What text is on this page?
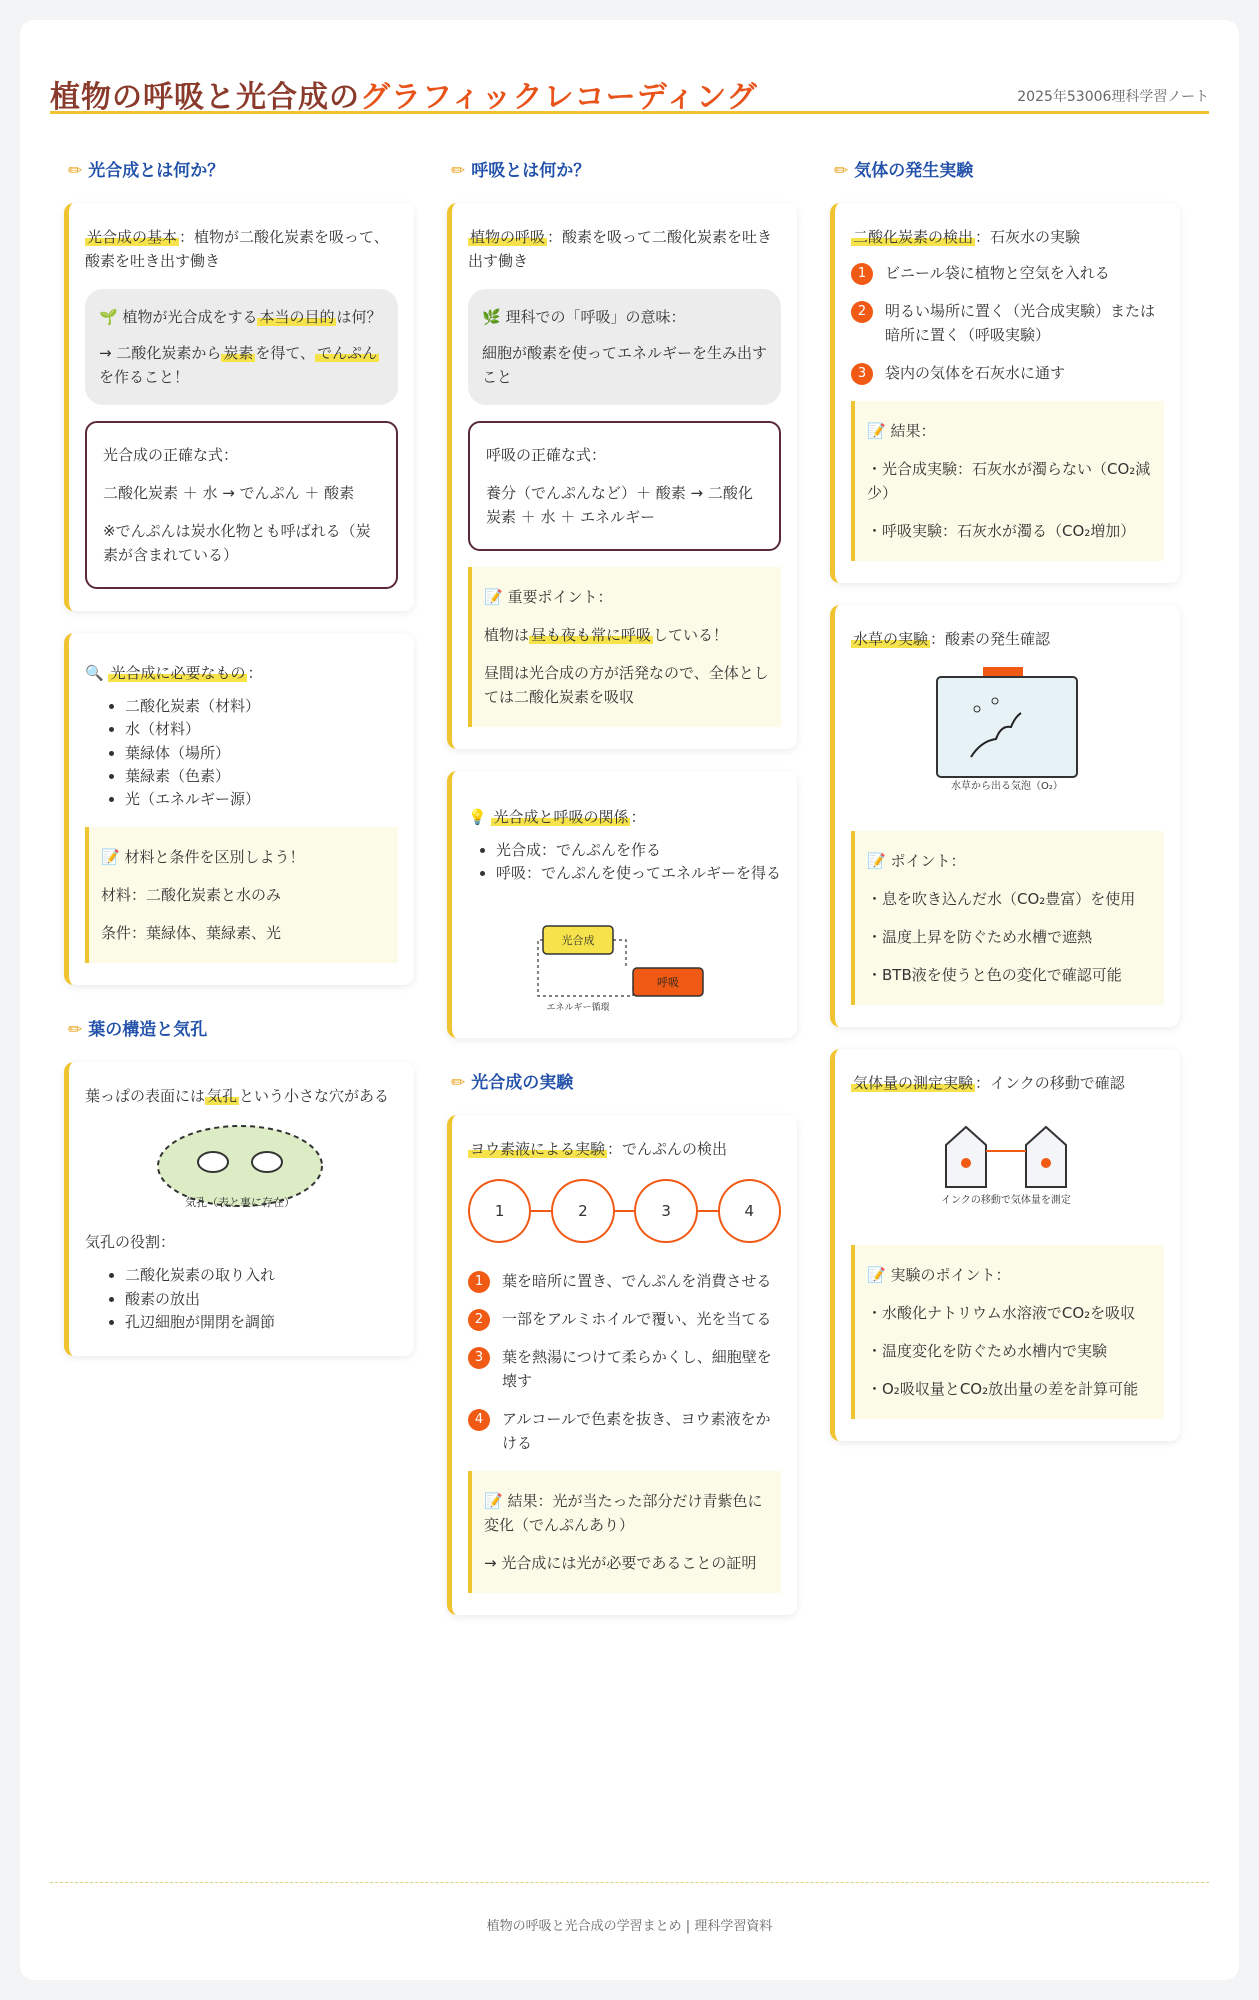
植物の呼吸と光合成のグラフィックレコーディング	2025年53006理科学習ノート
✏ 光合成とは何か？

光合成の基本 ：植物が二酸化炭素を吸って、酸素を吐き出す働き

🌱 植物が光合成をする 本当の目的 は何？

→ 二酸化炭素から 炭素 を得て、 でんぷんを作ること！

光合成の正確な式：

二酸化炭素 ＋ 水 → でんぷん ＋ 酸素

※でんぷんは炭水化物とも呼ばれる（炭素が含まれている）

🔍 光合成に必要なもの ：

• 二酸化炭素（材料）
• 水（材料）
• 葉緑体（場所）
• 葉緑素（色素）
• 光（エネルギー源）

📝 材料と条件を区別しよう！

材料：二酸化炭素と水のみ

条件：葉緑体、葉緑素、光

✏ 葉の構造と気孔

葉っぱの表面には 気孔 という小さな穴がある

気孔（表と裏に存在）

気孔の役割：

• 二酸化炭素の取り入れ
• 酸素の放出
• 孔辺細胞が開閉を調節
✏ 呼吸とは何か？

植物の呼吸 ：酸素を吸って二酸化炭素を吐き出す働き

🌿 理科での「呼吸」の意味：

細胞が酸素を使ってエネルギーを生み出すこと

呼吸の正確な式：

養分（でんぷんなど）＋ 酸素 → 二酸化炭素 ＋ 水 ＋ エネルギー

📝 重要ポイント：

植物は 昼も夜も常に呼吸 している！

昼間は光合成の方が活発なので、全体としては二酸化炭素を吸収

💡 光合成と呼吸の関係 ：

• 光合成：でんぷんを作る
• 呼吸：でんぷんを使ってエネルギーを得る
光合成
呼吸
エネルギー循環
✏ 光合成の実験

ヨウ素液による実験 ：でんぷんの検出

1	2	3	4
1	葉を暗所に置き、でんぷんを消費させる
2	一部をアルミホイルで覆い、光を当てる
3	葉を熱湯につけて柔らかくし、細胞壁を壊す
4	アルコールで色素を抜き、ヨウ素液をかける

📝 結果：光が当たった部分だけ青紫色に変化（でんぷんあり）

→ 光合成には光が必要であることの証明

✏ 気体の発生実験

二酸化炭素の検出 ：石灰水の実験

1	ビニール袋に植物と空気を入れる
2	明るい場所に置く（光合成実験）または暗所に置く（呼吸実験）
3	袋内の気体を石灰水に通す

📝 結果：

・光合成実験：石灰水が濁らない（CO₂減少）

・呼吸実験：石灰水が濁る（CO₂増加）

水草の実験 ：酸素の発生確認

水草から出る気泡（O₂）

📝 ポイント：

・息を吹き込んだ水（CO₂豊富）を使用

・温度上昇を防ぐため水槽で遮熱

・BTB液を使うと色の変化で確認可能

気体量の測定実験 ：インクの移動で確認

インクの移動で気体量を測定

📝 実験のポイント：

・水酸化ナトリウム水溶液でCO₂を吸収

・温度変化を防ぐため水槽内で実験

・O₂吸収量とCO₂放出量の差を計算可能

植物の呼吸と光合成の学習まとめ | 理科学習資料
